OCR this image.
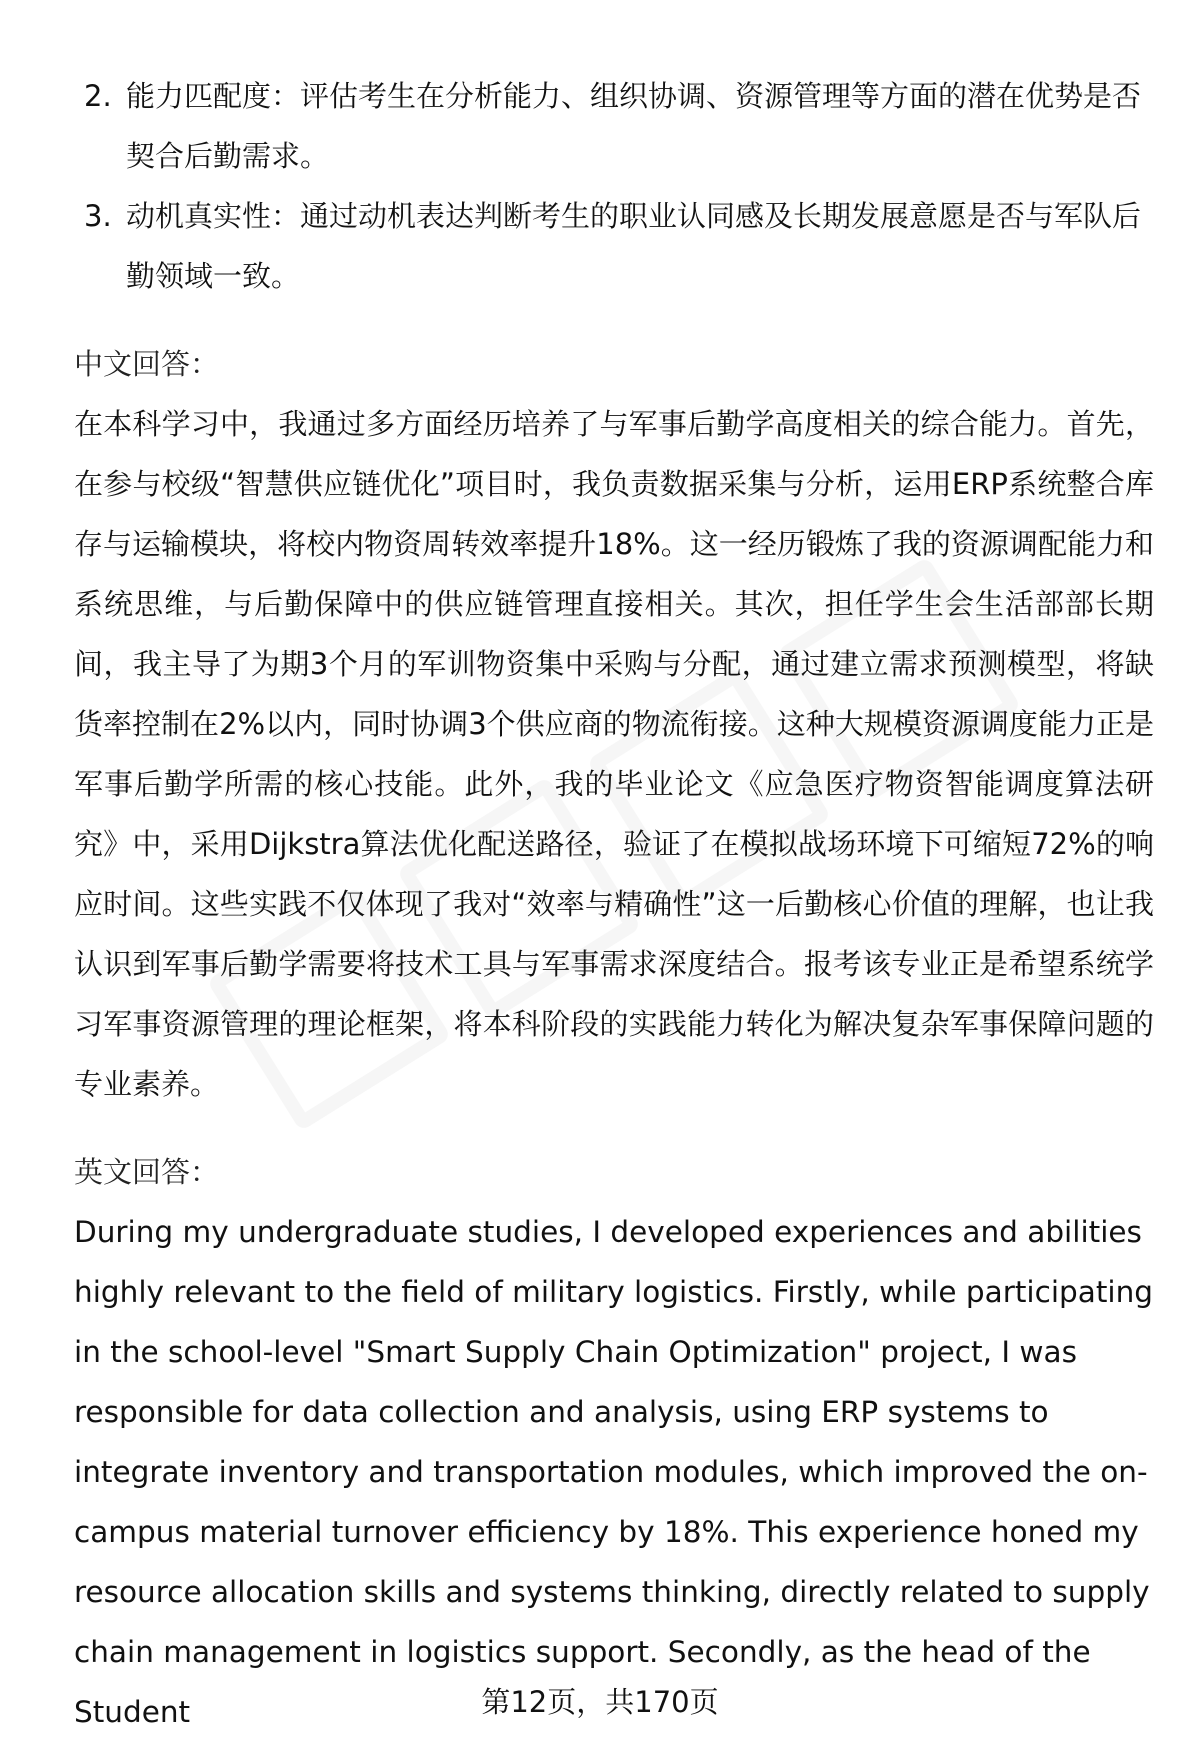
2. 能力匹配度：评估考生在分析能力、组织协调、资源管理等方面的潜在优势是否契合后勤需求。
3. 动机真实性：通过动机表达判断考生的职业认同感及长期发展意愿是否与军队后勤领域一致。

中文回答：

在本科学习中，我通过多方面经历培养了与军事后勤学高度相关的综合能力。首先，在参与校级“智慧供应链优化”项目时，我负责数据采集与分析，运用ERP系统整合库存与运输模块，将校内物资周转效率提升18%。这一经历锻炼了我的资源调配能力和系统思维，与后勤保障中的供应链管理直接相关。其次，担任学生会生活部部长期间，我主导了为期3个月的军训物资集中采购与分配，通过建立需求预测模型，将缺货率控制在2%以内，同时协调3个供应商的物流衔接。这种大规模资源调度能力正是军事后勤学所需的核心技能。此外，我的毕业论文《应急医疗物资智能调度算法研究》中，采用Dijkstra算法优化配送路径，验证了在模拟战场环境下可缩短72%的响应时间。这些实践不仅体现了我对“效率与精确性”这一后勤核心价值的理解，也让我认识到军事后勤学需要将技术工具与军事需求深度结合。报考该专业正是希望系统学习军事资源管理的理论框架，将本科阶段的实践能力转化为解决复杂军事保障问题的专业素养。

英文回答：

During my undergraduate studies, I developed experiences and abilities highly relevant to the field of military logistics. Firstly, while participating in the school-level "Smart Supply Chain Optimization" project, I was responsible for data collection and analysis, using ERP systems to integrate inventory and transportation modules, which improved the on-campus material turnover efficiency by 18%. This experience honed my resource allocation skills and systems thinking, directly related to supply chain management in logistics support. Secondly, as the head of the Student	第12页，共170页
